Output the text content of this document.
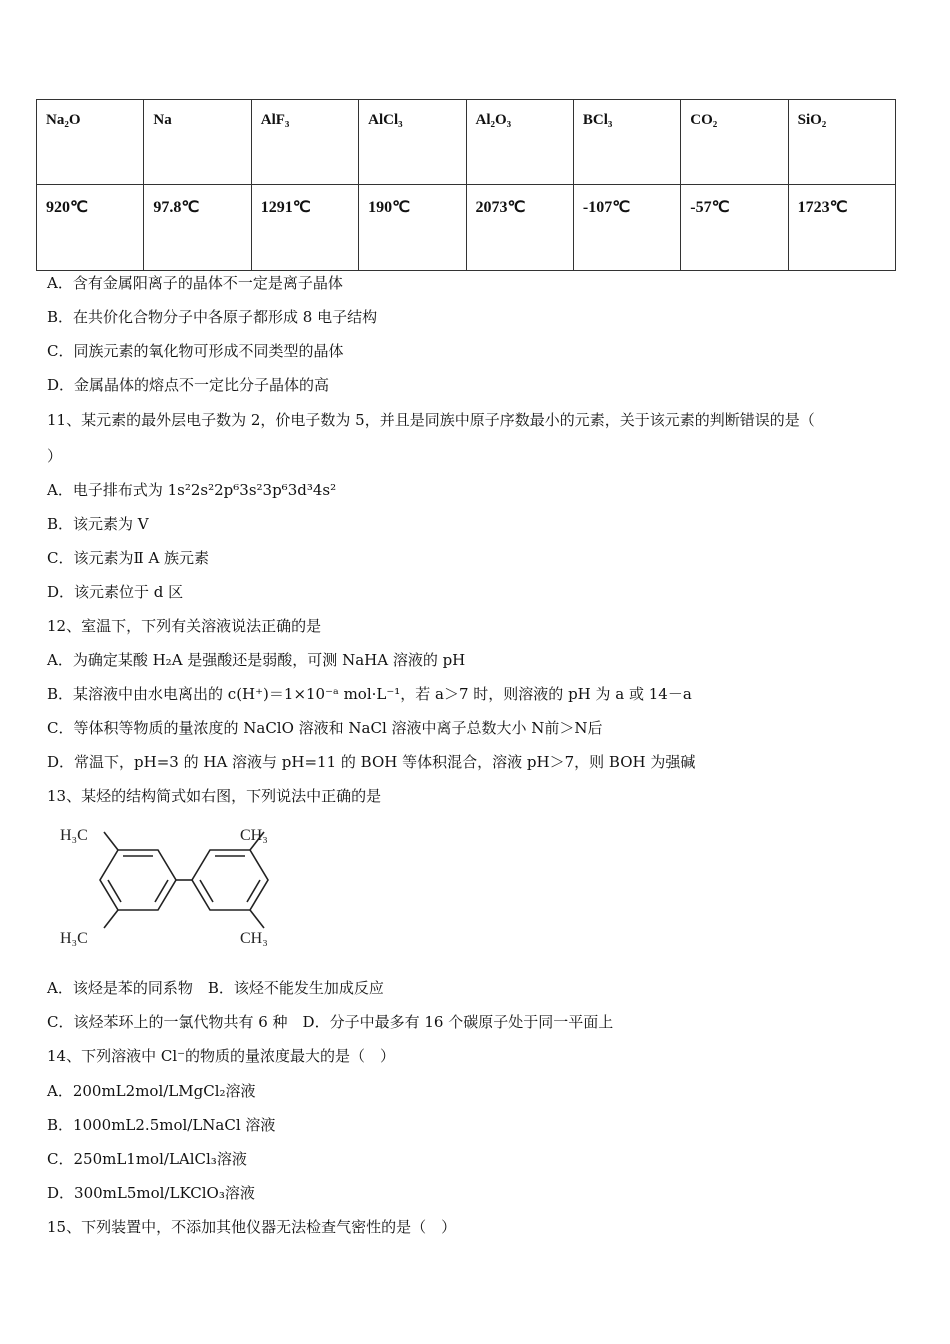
Na₂O	Na	AlF₃	AlCl₃	Al₂O₃	BCl₃	CO₂	SiO₂
920℃	97.8℃	1291℃	190℃	2073℃	-107℃	-57℃	1723℃
A．含有金属阳离子的晶体不一定是离子晶体
B．在共价化合物分子中各原子都形成 8 电子结构
C．同族元素的氧化物可形成不同类型的晶体
D．金属晶体的熔点不一定比分子晶体的高
11、某元素的最外层电子数为 2，价电子数为 5，并且是同族中原子序数最小的元素，关于该元素的判断错误的是（
）
A．电子排布式为 1s²2s²2p⁶3s²3p⁶3d³4s²
B．该元素为 V
C．该元素为Ⅱ A 族元素
D．该元素位于 d 区
12、室温下，下列有关溶液说法正确的是
A．为确定某酸 H₂A 是强酸还是弱酸，可测 NaHA 溶液的 pH
B．某溶液中由水电离出的 c(H⁺)＝1×10⁻ᵃ mol·L⁻¹，若 a＞7 时，则溶液的 pH 为 a 或 14－a
C．等体积等物质的量浓度的 NaClO 溶液和 NaCl 溶液中离子总数大小 N前＞N后
D．常温下，pH=3 的 HA 溶液与 pH=11 的 BOH 等体积混合，溶液 pH＞7，则 BOH 为强碱
13、某烃的结构简式如右图，下列说法中正确的是
H₃C	CH₃
H₃C	CH₃
A．该烃是苯的同系物　B．该烃不能发生加成反应
C．该烃苯环上的一氯代物共有 6 种　D．分子中最多有 16 个碳原子处于同一平面上
14、下列溶液中 Cl⁻的物质的量浓度最大的是（　）
A．200mL2mol/LMgCl₂溶液
B．1000mL2.5mol/LNaCl 溶液
C．250mL1mol/LAlCl₃溶液
D．300mL5mol/LKClO₃溶液
15、下列装置中，不添加其他仪器无法检查气密性的是（　）
